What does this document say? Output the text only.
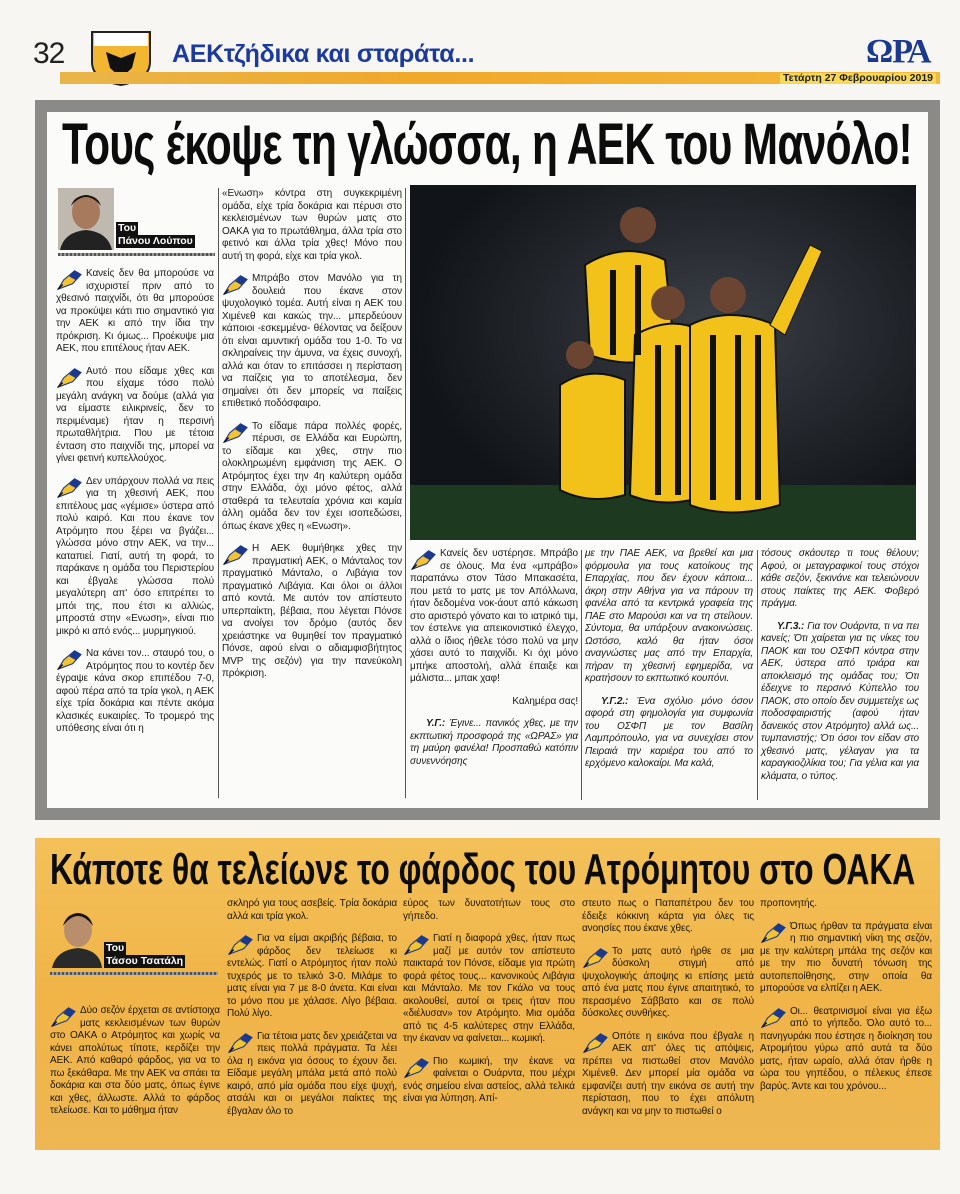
32	ΑΕΚτζήδικα και σταράτα...	ΩΡΑ
Τετάρτη 27 Φεβρουαρίου 2019
Τους έκοψε τη γλώσσα, η ΑΕΚ του Μανόλο!
Του
Πάνου Λούπου

Κανείς δεν θα μπορούσε να ισχυριστεί πριν από το χθεσινό παιχνίδι, ότι θα μπορούσε να προκύψει κάτι πιο σημαντικό για την ΑΕΚ κι από την ίδια την πρόκριση. Κι όμως... Προέκυψε μια ΑΕΚ, που επιτέλους ήταν ΑΕΚ.

Αυτό που είδαμε χθες και που είχαμε τόσο πολύ μεγάλη ανάγκη να δούμε (αλλά για να είμαστε ειλικρινείς, δεν το περιμέναμε) ήταν η περσινή πρωταθλήτρια. Που με τέτοια ένταση στο παιχνίδι της, μπορεί να γίνει φετινή κυπελλούχος.

Δεν υπάρχουν πολλά να πεις για τη χθεσινή ΑΕΚ, που επιτέλους μας «γέμισε» ύστερα από πολύ καιρό. Και που έκανε τον Ατρόμητο που ξέρει να βγάζει... γλώσσα μόνο στην ΑΕΚ, να την... καταπιεί. Γιατί, αυτή τη φορά, το παράκανε η ομάδα του Περιστερίου και έβγαλε γλώσσα πολύ μεγαλύτερη απ' όσο επιτρέπει το μπόι της, που έτσι κι αλλιώς, μπροστά στην «Ενωση», είναι πιο μικρό κι από ενός... μυρμηγκιού.

Να κάνει τον... σταυρό του, ο Ατρόμητος που το κοντέρ δεν έγραψε κάνα σκορ επιπέδου 7-0, αφού πέρα από τα τρία γκολ, η ΑΕΚ είχε τρία δοκάρια και πέντε ακόμα κλασικές ευκαιρίες. Το τρομερό της υπόθεσης είναι ότι η

«Ενωση» κόντρα στη συγκεκριμένη ομάδα, είχε τρία δοκάρια και πέρυσι στο κεκλεισμένων των θυρών ματς στο ΟΑΚΑ για το πρωτάθλημα, άλλα τρία στο φετινό και άλλα τρία χθες! Μόνο που αυτή τη φορά, είχε και τρία γκολ.

Μπράβο στον Μανόλο για τη δουλειά που έκανε στον ψυχολογικό τομέα. Αυτή είναι η ΑΕΚ του Χιμένεθ και κακώς την... μπερδεύουν κάποιοι -εσκεμμένα- θέλοντας να δείξουν ότι είναι αμυντική ομάδα του 1-0. Το να σκληραίνεις την άμυνα, να έχεις συνοχή, αλλά και όταν το επιτάσσει η περίσταση να παίζεις για το αποτέλεσμα, δεν σημαίνει ότι δεν μπορείς να παίξεις επιθετικό ποδόσφαιρο.

Το είδαμε πάρα πολλές φορές, πέρυσι, σε Ελλάδα και Ευρώπη, το είδαμε και χθες, στην πιο ολοκληρωμένη εμφάνιση της ΑΕΚ. Ο Ατρόμητος έχει την 4η καλύτερη ομάδα στην Ελλάδα, όχι μόνο φέτος, αλλά σταθερά τα τελευταία χρόνια και καμία άλλη ομάδα δεν τον έχει ισοπεδώσει, όπως έκανε χθες η «Ενωση».

Η ΑΕΚ θυμήθηκε χθες την πραγματική ΑΕΚ, ο Μάνταλος τον πραγματικό Μάνταλο, ο Λιβάγια τον πραγματικό Λιβάγια. Και όλοι οι άλλοι από κοντά. Με αυτόν τον απίστευτο υπερπαίκτη, βέβαια, που λέγεται Πόνσε να ανοίγει τον δρόμο (αυτός δεν χρειάστηκε να θυμηθεί τον πραγματικό Πόνσε, αφού είναι ο αδιαμφισβήτητος MVP της σεζόν) για την πανεύκολη πρόκριση.

Κανείς δεν υστέρησε. Μπράβο σε όλους. Μα ένα «μπράβο» παραπάνω στον Τάσο Μπακασέτα, που μετά το ματς με τον Απόλλωνα, ήταν δεδομένα νοκ-άουτ από κάκωση στο αριστερό γόνατο και το ιατρικό τιμ, τον έστελνε για απεικονιστικό έλεγχο, αλλά ο ίδιος ήθελε τόσο πολύ να μην χάσει αυτό το παιχνίδι. Κι όχι μόνο μπήκε αποστολή, αλλά έπαιξε και μάλιστα... μπακ χαφ!

Καλημέρα σας!

Υ.Γ.: Έγινε... πανικός χθες, με την εκπτωτική προσφορά της «ΩΡΑΣ» για τη μαύρη φανέλα! Προσπαθώ κατόπιν συνεννόησης

με την ΠΑΕ ΑΕΚ, να βρεθεί και μια φόρμουλα για τους κατοίκους της Επαρχίας, που δεν έχουν κάποια... άκρη στην Αθήνα για να πάρουν τη φανέλα από τα κεντρικά γραφεία της ΠΑΕ στο Μαρούσι και να τη στείλουν. Σύντομα, θα υπάρξουν ανακοινώσεις. Ωστόσο, καλό θα ήταν όσοι αναγνώστες μας από την Επαρχία, πήραν τη χθεσινή εφημερίδα, να κρατήσουν το εκπτωτικό κουπόνι.

Υ.Γ.2.: Ένα σχόλιο μόνο όσον αφορά στη φημολογία για συμφωνία του ΟΣΦΠ με τον Βασίλη Λαμπρόπουλο, για να συνεχίσει στον Πειραιά την καριέρα του από το ερχόμενο καλοκαίρι. Μα καλά,

τόσους σκάουτερ τι τους θέλουν; Αφού, οι μεταγραφικοί τους στόχοι κάθε σεζόν, ξεκινάνε και τελειώνουν στους παίκτες της ΑΕΚ. Φοβερό πράγμα.

Υ.Γ.3.: Για τον Ουάρντα, τι να πει κανείς; Ότι χαίρεται για τις νίκες του ΠΑΟΚ και του ΟΣΦΠ κόντρα στην ΑΕΚ, ύστερα από τριάρα και αποκλεισμό της ομάδας του; Ότι έδειχνε το περσινό Κύπελλο του ΠΑΟΚ, στο οποίο δεν συμμετείχε ως ποδοσφαιριστής (αφού ήταν δανεικός στον Ατρόμητο) αλλά ως... τυμπανιστής; Ότι όσοι τον είδαν στο χθεσινό ματς, γέλαγαν για τα καραγκιοζιλίκια του; Για γέλια και για κλάματα, ο τύπος.

Κάποτε θα τελείωνε το φάρδος του Ατρόμητου στο ΟΑΚΑ
Του
Τάσου Τσατάλη

Δύο σεζόν έρχεται σε αντίστοιχα ματς κεκλεισμένων των θυρών στο ΟΑΚΑ ο Ατρόμητος και χωρίς να κάνει απολύτως τίποτε, κερδίζει την ΑΕΚ. Από καθαρό φάρδος, για να το πω ξεκάθαρα. Με την ΑΕΚ να σπάει τα δοκάρια και στα δύο ματς, όπως έγινε και χθες, άλλωστε. Αλλά το φάρδος τελείωσε. Και το μάθημα ήταν

σκληρό για τους ασεβείς. Τρία δοκάρια αλλά και τρία γκολ.

Για να είμαι ακριβής βέβαια, το φάρδος δεν τελείωσε κι εντελώς. Γιατί ο Ατρόμητος ήταν πολύ τυχερός με το τελικό 3-0. Μιλάμε το ματς είναι για 7 με 8-0 άνετα. Και είναι το μόνο που με χάλασε. Λίγο βέβαια. Πολύ λίγο.

Για τέτοια ματς δεν χρειάζεται να πεις πολλά πράγματα. Τα λέει όλα η εικόνα για όσους το έχουν δει. Είδαμε μεγάλη μπάλα μετά από πολύ καιρό, από μία ομάδα που είχε ψυχή, ατσάλι και οι μεγάλοι παίκτες της έβγαλαν όλο το

εύρος των δυνατοτήτων τους στο γήπεδο.

Γιατί η διαφορά χθες, ήταν πως μαζί με αυτόν τον απίστευτο παικταρά τον Πόνσε, είδαμε για πρώτη φορά φέτος τους... κανονικούς Λιβάγια και Μάνταλο. Με τον Γκάλο να τους ακολουθεί, αυτοί οι τρεις ήταν που «διέλυσαν» τον Ατρόμητο. Μια ομάδα από τις 4-5 καλύτερες στην Ελλάδα, την έκαναν να φαίνεται... κωμική.

Πιο κωμική, την έκανε να φαίνεται ο Ουάρντα, που μέχρι ενός σημείου είναι αστείος, αλλά τελικά είναι για λύπηση. Απί-

στευτο πως ο Παπαπέτρου δεν του έδειξε κόκκινη κάρτα για όλες τις ανοησίες που έκανε χθες.

Το ματς αυτό ήρθε σε μια δύσκολη στιγμή από ψυχολογικής άποψης κι επίσης μετά από ένα ματς που έγινε απαιτητικό, το περασμένο Σάββατο και σε πολύ δύσκολες συνθήκες.

Οπότε η εικόνα που έβγαλε η ΑΕΚ απ' όλες τις απόψεις, πρέπει να πιστωθεί στον Μανόλο Χιμένεθ. Δεν μπορεί μία ομάδα να εμφανίζει αυτή την εικόνα σε αυτή την περίσταση, που το έχει απόλυτη ανάγκη και να μην το πιστωθεί ο

προπονητής.

Όπως ήρθαν τα πράγματα είναι η πιο σημαντική νίκη της σεζόν, με την καλύτερη μπάλα της σεζόν και με την πιο δυνατή τόνωση της αυτοπεποίθησης, στην οποία θα μπορούσε να ελπίζει η ΑΕΚ.

Οι... θεατρινισμοί είναι για έξω από το γήπεδο. Όλο αυτό το... πανηγυράκι που έστησε η διοίκηση του Ατρομήτου γύρω από αυτά τα δύο ματς, ήταν ωραίο, αλλά όταν ήρθε η ώρα του γηπέδου, ο πέλεκυς έπεσε βαρύς. Άντε και του χρόνου...
